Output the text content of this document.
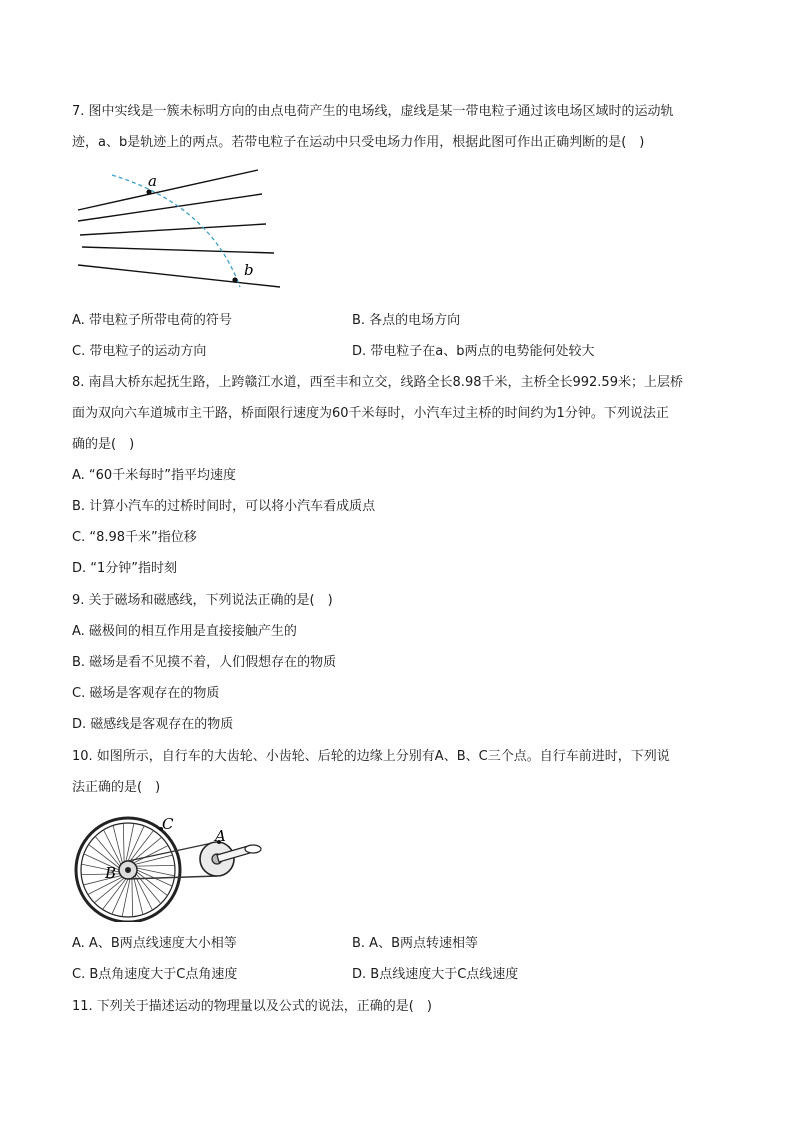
7. 图中实线是一簇未标明方向的由点电荷产生的电场线，虚线是某一带电粒子通过该电场区域时的运动轨
迹，a、b是轨迹上的两点。若带电粒子在运动中只受电场力作用，根据此图可作出正确判断的是(　)
a
b
A. 带电粒子所带电荷的符号	B. 各点的电场方向
C. 带电粒子的运动方向	D. 带电粒子在a、b两点的电势能何处较大
8. 南昌大桥东起抚生路，上跨赣江水道，西至丰和立交，线路全长8.98千米，主桥全长992.59米；上层桥
面为双向六车道城市主干路，桥面限行速度为60千米每时，小汽车过主桥的时间约为1分钟。下列说法正
确的是(　)
A. “60千米每时”指平均速度
B. 计算小汽车的过桥时间时，可以将小汽车看成质点
C. “8.98千米”指位移
D. “1分钟”指时刻
9. 关于磁场和磁感线，下列说法正确的是(　)
A. 磁极间的相互作用是直接接触产生的
B. 磁场是看不见摸不着，人们假想存在的物质
C. 磁场是客观存在的物质
D. 磁感线是客观存在的物质
10. 如图所示，自行车的大齿轮、小齿轮、后轮的边缘上分别有A、B、C三个点。自行车前进时，下列说
法正确的是(　)
C
A
B
A. A、B两点线速度大小相等	B. A、B两点转速相等
C. B点角速度大于C点角速度	D. B点线速度大于C点线速度
11. 下列关于描述运动的物理量以及公式的说法，正确的是(　)
